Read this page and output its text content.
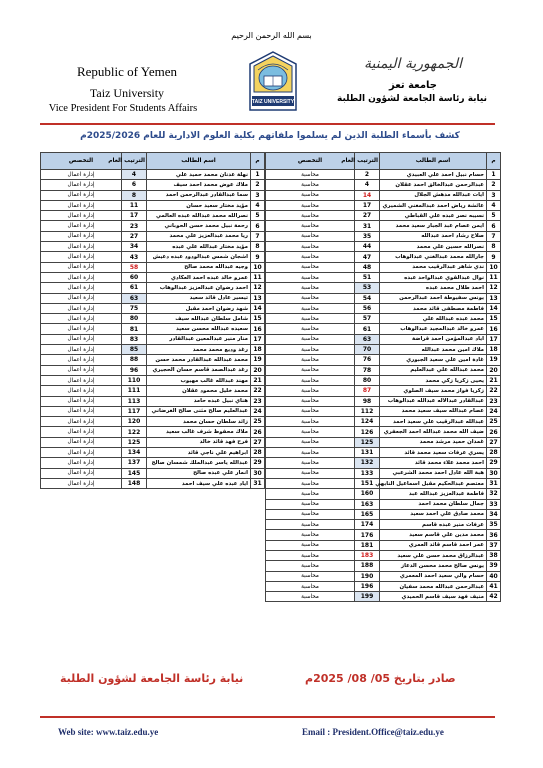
بسم الله الرحمن الرحيم
Republic of Yemen
Taiz University
Vice President For Students Affairs
TAIZ UNIVERSITY
الجمهورية اليمنية
جامعة تعز
نيابة رئاسة الجامعة لشؤون الطلبة
كشف بأسماء الطلبة الذين لم يسلموا ملفاتهم بكلية العلوم الادارية للعام 2025/2026م
م	اسم الطالب	الترتيب العام	التخصص
1	حسام نبيل احمد علي العبيدي	2	محاسبة
2	عبدالرحمن عبدالخالق احمد عقلان	4	محاسبة
3	ايات عبدالله مدهش الجلال	14	محاسبة
4	عائشة رياض احمد عبدالمغني الشميري	17	محاسبة
5	نسيبه نصر عبده علي القباطي	27	محاسبة
6	ايمن عصام عبد الجبار سعيد محمد	31	محاسبة
7	صلاح رشاد احمد عبدالله	35	محاسبة
8	نصرالله حسين علي محمد	44	محاسبة
9	جارالله محمد عبدالغني عبدالوهاب	47	محاسبة
10	ندي شاهر عبدالرقيب محمد	48	محاسبة
11	نوال عبدالقوي عبدالواحد عبده	51	محاسبة
12	احمد طلال محمد عبده	53	محاسبة
13	يونس سفيوطة احمد عبدالرحمن	54	محاسبة
14	فاطمة مصطفى قائد محمد	56	محاسبة
15	محمد عبده عبدالله علي	57	محاسبة
16	عمرو خالد عبدالمجيد عبدالوهاب	61	محاسبة
17	اياد عبدالمؤمن احمد قراضة	63	محاسبة
18	ملاك امين محمد عبدالله	70	محاسبة
19	غادة امين علي سعيد الجبوري	76	محاسبة
20	محمد عبدالله علي عبدالعليم	78	محاسبة
21	يحيى زكريا زكي محمد	80	محاسبة
22	زكريا فواز محمد سيف الصلوي	87	محاسبة
23	عبدالقادر عبدالاله عبدالله عبدالوهاب	98	محاسبة
24	عصام عبدالله سيف سعيد محمد	112	محاسبة
25	عبدالله عبدالرقيب علي سعيد احمد	124	محاسبة
26	ضيف الله محمد عبدالله احمد الجعفري	126	محاسبة
27	غمدان حميد مرشد محمد	125	محاسبة
28	يسري عرفات سعيد محمد قائد	131	محاسبة
29	احمد محمد علاء محمد قائد	132	محاسبة
30	هبة الله عادل احمد محمد الشرعبي	133	محاسبة
31	معتصم عبدالحكيم مقبل اسماعيل النابهي	151	محاسبة
32	فاطمة عبدالعزيز عبدالله عبد	160	محاسبة
33	جمال سلطان محمد احمد	163	محاسبة
34	محمد صادق علي احمد سعيد	165	محاسبة
35	عرفات منير عبده قاسم	174	محاسبة
36	محمد مدين علي قاسم سعيد	176	محاسبة
37	عمر احمد قاسم قائد العمري	181	محاسبة
38	عبدالرزاق محمد حسن علي سعيد	183	محاسبة
39	يونس صالح محمد محسن الدعاز	188	محاسبة
40	حسام والي سعيد احمد المعمري	190	محاسبة
41	عبدالرحمن عبدالله محمد سفيان	196	محاسبة
42	منيف فهد سيف قاسم الحميدي	199	محاسبة
م	اسم الطالب	الترتيب العام	التخصص
1	نهلة عدنان محمد حميد علي	4	إدارة اعمال
2	ملاك عوض محمد احمد سيف	6	إدارة اعمال
3	سما عبدالقادر عبدالرحمن احمد	8	إدارة اعمال
4	مؤيد مختار سعيد حسان	11	إدارة اعمال
5	نصرالله محمد عبدالله عبده العالمي	17	إدارة اعمال
6	رحمة نبيل محمد حسن الحوباني	23	إدارة اعمال
7	ريا محمد عبدالعزيز علي محمد	27	إدارة اعمال
8	مؤيد مختار عبدالله علي عبده	34	إدارة اعمال
9	اشجان شمس عبدالودود عبده دعيش	43	إدارة اعمال
10	وجيه عبدالله محمد صالح	58	إدارة اعمال
11	عمرو خالد عبده احمد العكادي	60	إدارة اعمال
12	احمد رضوان عبدالعزيز عبدالوهاب	61	إدارة اعمال
13	تيسير عادل قائد سعيد	63	إدارة اعمال
14	شهد رضوان احمد مقبل	75	إدارة اعمال
15	شامل سلطان عبدالله سيف	80	إدارة اعمال
16	سعيده عبدالله محسن سعيد	81	إدارة اعمال
17	منار منير عبدالمعين عبدالقادر	83	إدارة اعمال
18	رغد وديع محمد محمد	85	إدارة اعمال
19	محمد عبدالله عبدالقادر محمد حسن	88	إدارة اعمال
20	رغد عبدالصمد قاسم حسان الحجيري	96	إدارة اعمال
21	مهند عبدالله غالب مهيوب	110	إدارة اعمال
22	محمد خليل محمود عقلان	111	إدارة اعمال
23	هناي نبيل عبده حامد	113	إدارة اعمال
24	عبدالعليم صالح مثنى صالح الغرضاني	117	إدارة اعمال
25	زائد سلطان حسان محمد	120	إدارة اعمال
26	ملاك محفوظ شرف غالب سعيد	122	إدارة اعمال
27	فرح فهد قائد خالد	125	إدارة اعمال
28	ابراهيم علي ناجي قائد	134	إدارة اعمال
29	عبدالله ياسر عبدالملك شمسان صالح	137	إدارة اعمال
30	انمار علي عبده صالح	145	إدارة اعمال
31	اياد عبده علي سيف احمد	148	إدارة اعمال
صادر بتاريخ 05/ 08/ 2025م
نيابة رئاسة الجامعة لشؤون الطلبة
Web site: www.taiz.edu.ye	Email : President.Office@taiz.edu.ye
